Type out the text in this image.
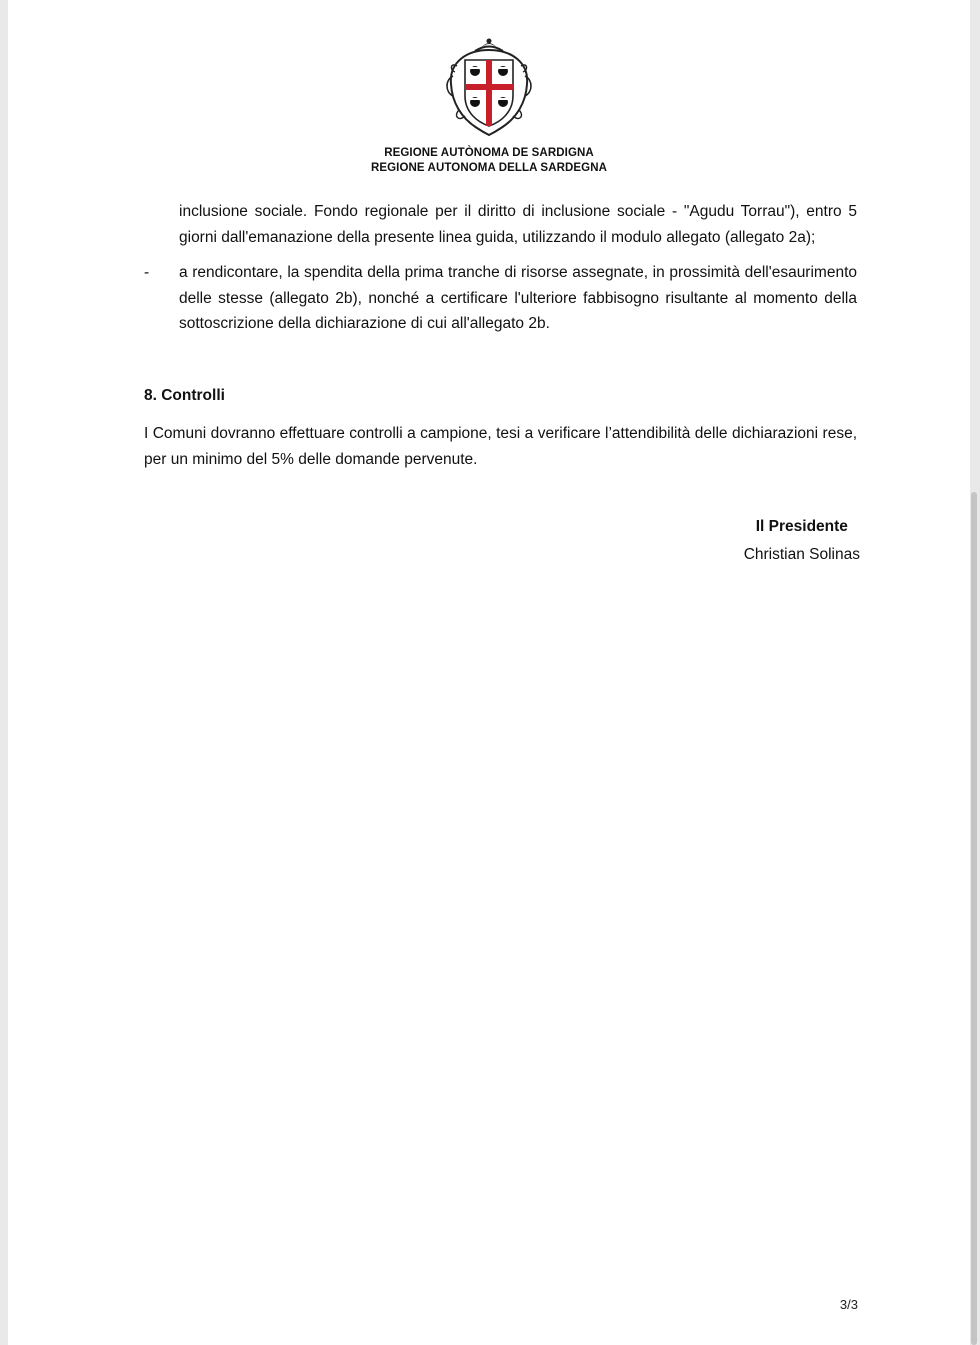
REGIONE AUTÒNOMA DE SARDIGNA
REGIONE AUTONOMA DELLA SARDEGNA
inclusione sociale. Fondo regionale per il diritto di inclusione sociale - "Agudu Torrau"), entro 5 giorni dall'emanazione della presente linea guida, utilizzando il modulo allegato (allegato 2a);
- a rendicontare, la spendita della prima tranche di risorse assegnate, in prossimità dell'esaurimento delle stesse (allegato 2b), nonché a certificare l'ulteriore fabbisogno risultante al momento della sottoscrizione della dichiarazione di cui all'allegato 2b.
8. Controlli
I Comuni dovranno effettuare controlli a campione, tesi a verificare l’attendibilità delle dichiarazioni rese, per un minimo del 5% delle domande pervenute.
Il Presidente
Christian Solinas
3/3
